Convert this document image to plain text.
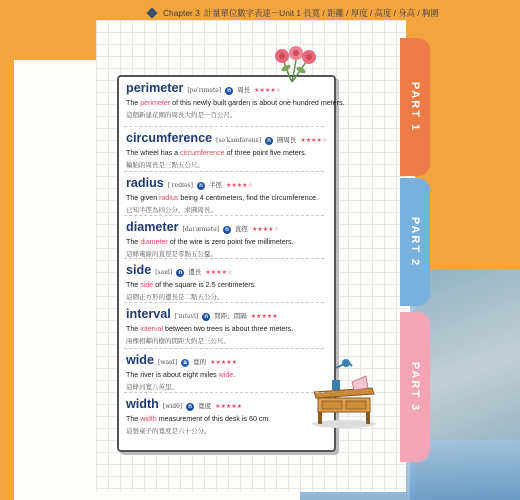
Chapter 3 計量單位數字表達－Unit 1 長寬 / 距離 / 厚度 / 高度 / 身高 / 胸圍
PART 1
PART 2
PART 3
perimeter [pəˈrɪmətə]	n 周長 ★★★★☆
The perimeter of this newly built garden is about one hundred meters.
這個新建花園的周長大約是一百公尺。
circumference [səˈkʌmfərəns]	n 圓周長 ★★★★☆
The wheel has a circumference of three point five meters.
輪胎的周長是三點五公尺。
radius [ˈredɪəs]	n 半徑 ★★★★☆
The given radius being 4 centimeters, find the circumference.
已知半徑為四公分，求圓周長。
diameter [daɪˈæmətə]	n 直徑 ★★★★☆
The diameter of the wire is zero point five millimeters.
這條電線的直徑是零點五公釐。
side [saɪd]	n 邊長 ★★★★☆
The side of the square is 2.5 centimeters.
這個正方形的邊長是二點五公分。
interval [ˈɪntəvl]	n 間距；間隔 ★★★★★
The interval between two trees is about three meters.
兩棵相鄰的樹的間距大約是三公尺。
wide [waɪd]	a 寬的 ★★★★★
The river is about eight miles wide.
這條河寬八英里。
width [wɪdθ]	n 寬度 ★★★★★
The width measurement of this desk is 60 cm.
這張桌子的寬度是六十公分。
